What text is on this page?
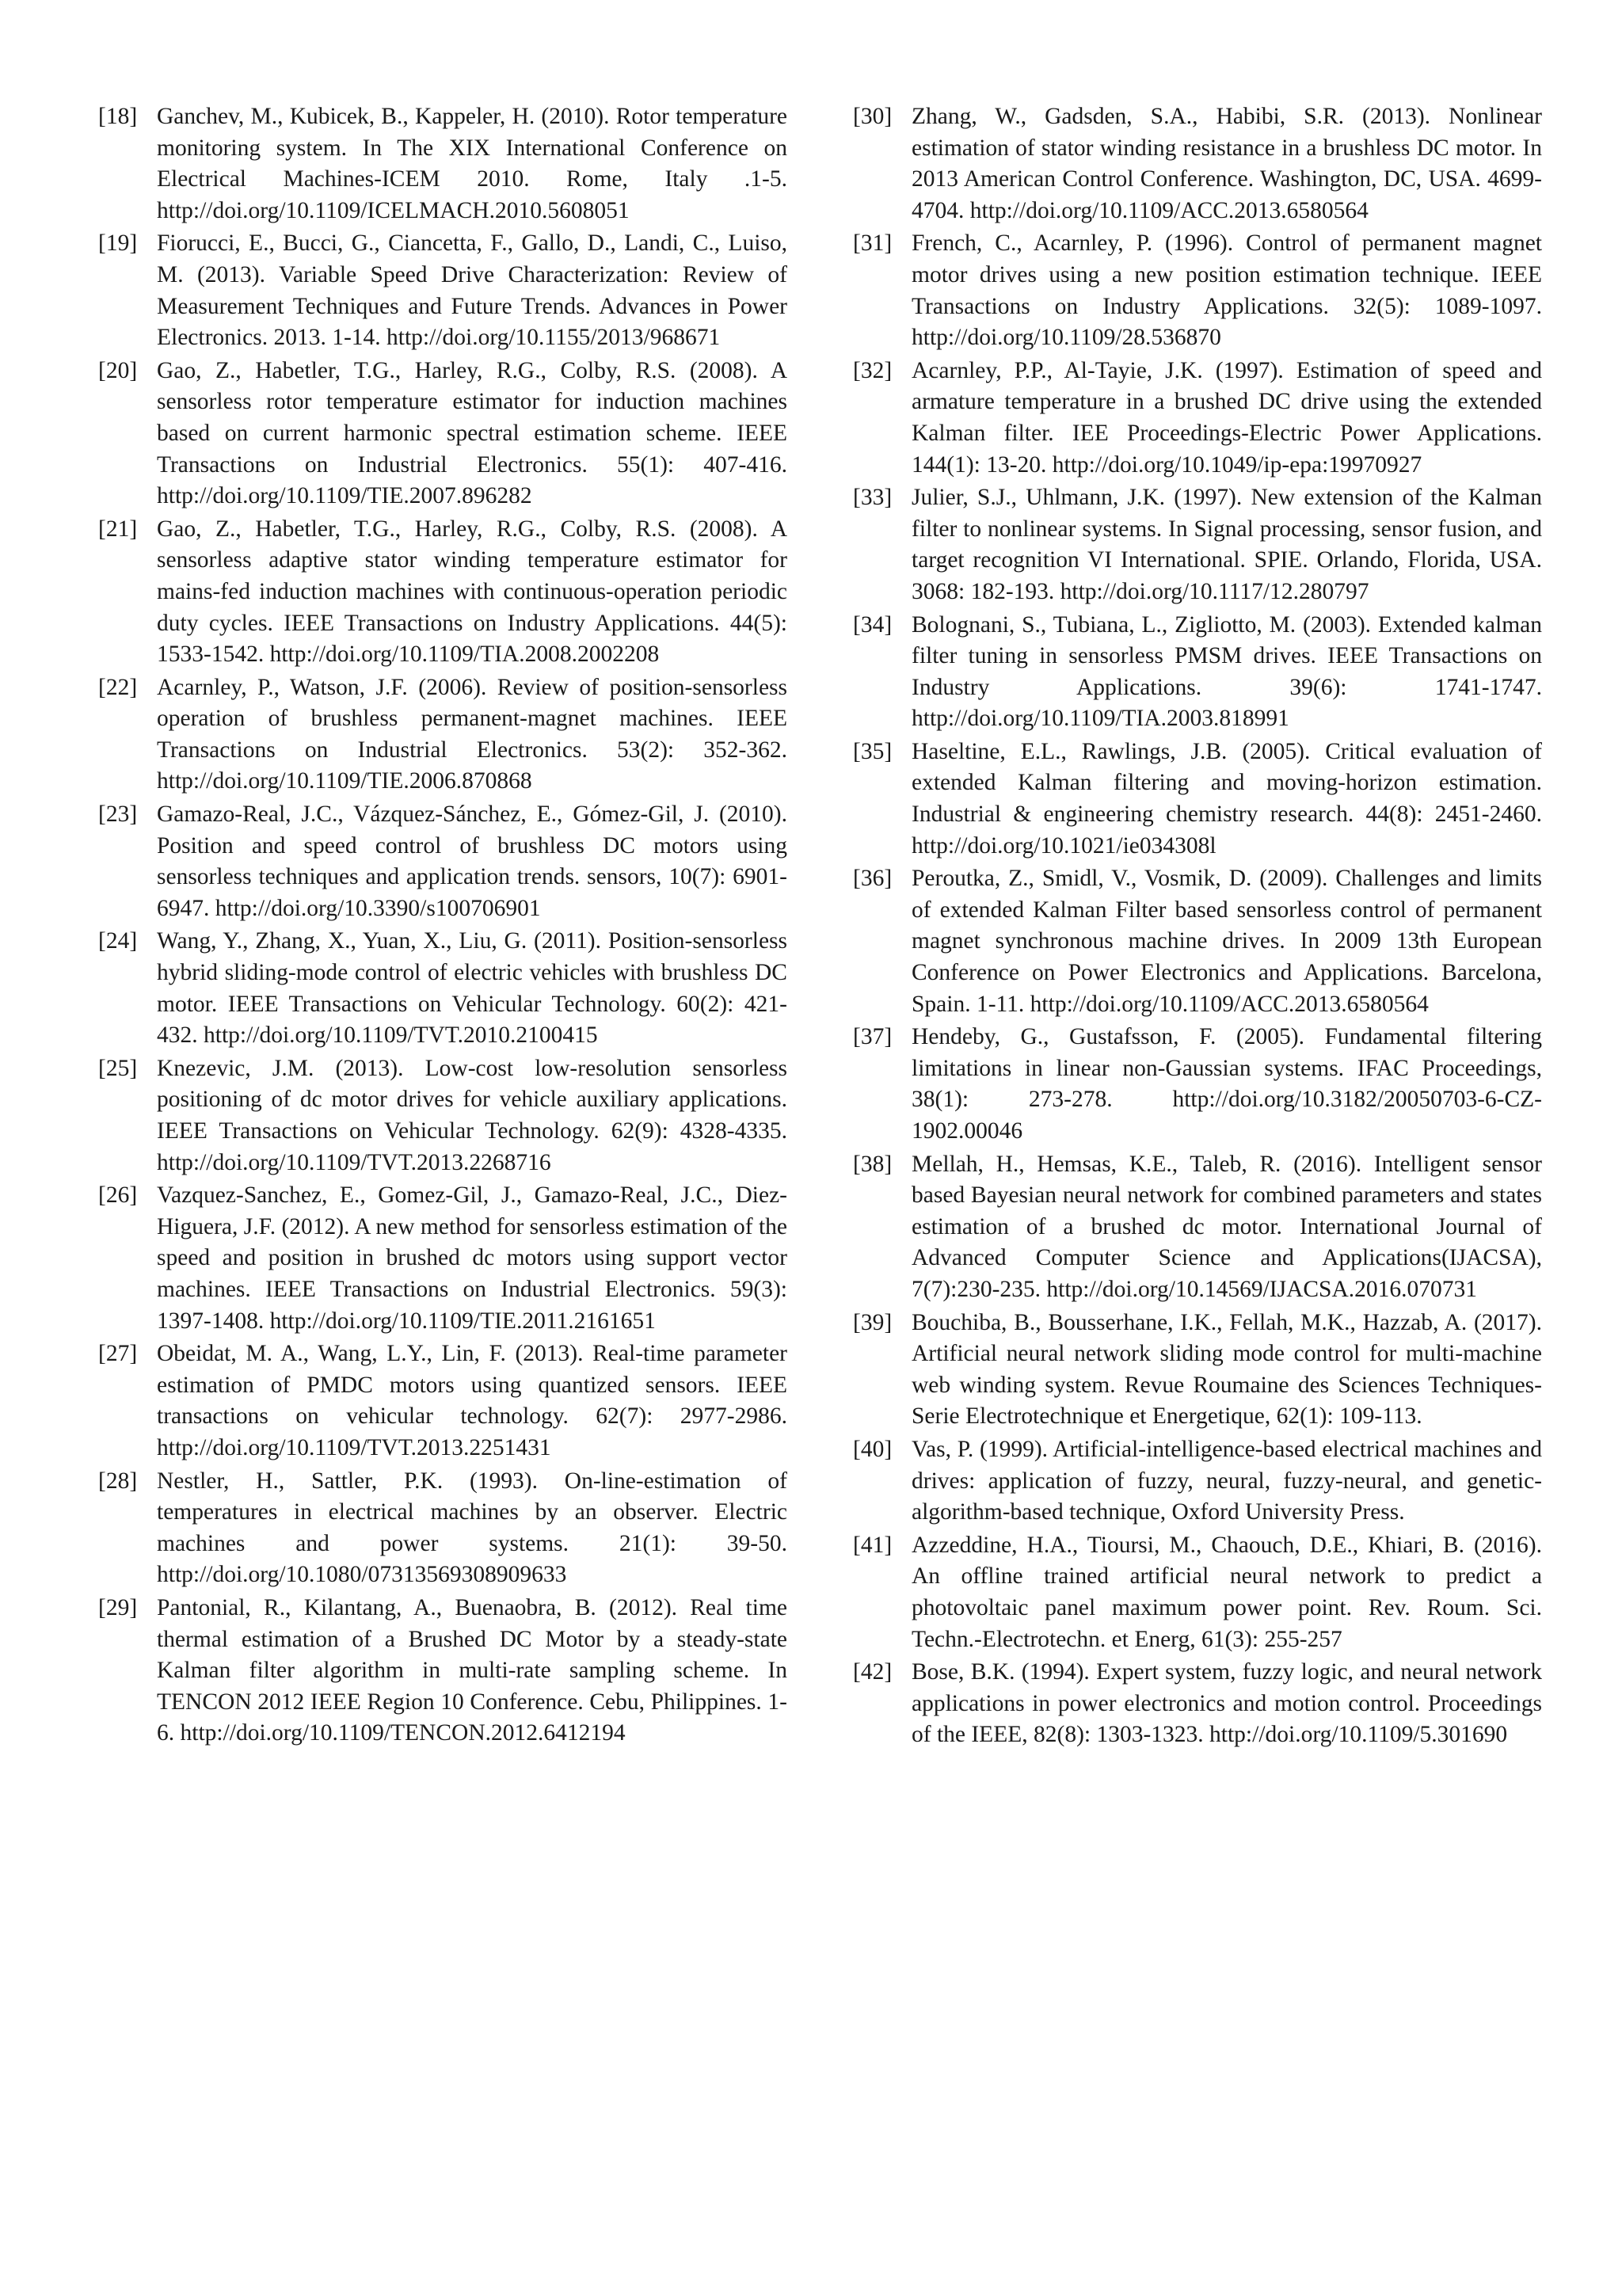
[18] Ganchev, M., Kubicek, B., Kappeler, H. (2010). Rotor temperature monitoring system. In The XIX International Conference on Electrical Machines-ICEM 2010. Rome, Italy .1-5. http://doi.org/10.1109/ICELMACH.2010.5608051
[19] Fiorucci, E., Bucci, G., Ciancetta, F., Gallo, D., Landi, C., Luiso, M. (2013). Variable Speed Drive Characterization: Review of Measurement Techniques and Future Trends. Advances in Power Electronics. 2013. 1-14. http://doi.org/10.1155/2013/968671
[20] Gao, Z., Habetler, T.G., Harley, R.G., Colby, R.S. (2008). A sensorless rotor temperature estimator for induction machines based on current harmonic spectral estimation scheme. IEEE Transactions on Industrial Electronics. 55(1): 407-416. http://doi.org/10.1109/TIE.2007.896282
[21] Gao, Z., Habetler, T.G., Harley, R.G., Colby, R.S. (2008). A sensorless adaptive stator winding temperature estimator for mains-fed induction machines with continuous-operation periodic duty cycles. IEEE Transactions on Industry Applications. 44(5): 1533-1542. http://doi.org/10.1109/TIA.2008.2002208
[22] Acarnley, P., Watson, J.F. (2006). Review of position-sensorless operation of brushless permanent-magnet machines. IEEE Transactions on Industrial Electronics. 53(2): 352-362. http://doi.org/10.1109/TIE.2006.870868
[23] Gamazo-Real, J.C., Vázquez-Sánchez, E., Gómez-Gil, J. (2010). Position and speed control of brushless DC motors using sensorless techniques and application trends. sensors, 10(7): 6901-6947. http://doi.org/10.3390/s100706901
[24] Wang, Y., Zhang, X., Yuan, X., Liu, G. (2011). Position-sensorless hybrid sliding-mode control of electric vehicles with brushless DC motor. IEEE Transactions on Vehicular Technology. 60(2): 421-432. http://doi.org/10.1109/TVT.2010.2100415
[25] Knezevic, J.M. (2013). Low-cost low-resolution sensorless positioning of dc motor drives for vehicle auxiliary applications. IEEE Transactions on Vehicular Technology. 62(9): 4328-4335. http://doi.org/10.1109/TVT.2013.2268716
[26] Vazquez-Sanchez, E., Gomez-Gil, J., Gamazo-Real, J.C., Diez-Higuera, J.F. (2012). A new method for sensorless estimation of the speed and position in brushed dc motors using support vector machines. IEEE Transactions on Industrial Electronics. 59(3): 1397-1408. http://doi.org/10.1109/TIE.2011.2161651
[27] Obeidat, M. A., Wang, L.Y., Lin, F. (2013). Real-time parameter estimation of PMDC motors using quantized sensors. IEEE transactions on vehicular technology. 62(7): 2977-2986. http://doi.org/10.1109/TVT.2013.2251431
[28] Nestler, H., Sattler, P.K. (1993). On-line-estimation of temperatures in electrical machines by an observer. Electric machines and power systems. 21(1): 39-50. http://doi.org/10.1080/07313569308909633
[29] Pantonial, R., Kilantang, A., Buenaobra, B. (2012). Real time thermal estimation of a Brushed DC Motor by a steady-state Kalman filter algorithm in multi-rate sampling scheme. In TENCON 2012 IEEE Region 10 Conference. Cebu, Philippines. 1-6. http://doi.org/10.1109/TENCON.2012.6412194
[30] Zhang, W., Gadsden, S.A., Habibi, S.R. (2013). Nonlinear estimation of stator winding resistance in a brushless DC motor. In 2013 American Control Conference. Washington, DC, USA. 4699-4704. http://doi.org/10.1109/ACC.2013.6580564
[31] French, C., Acarnley, P. (1996). Control of permanent magnet motor drives using a new position estimation technique. IEEE Transactions on Industry Applications. 32(5): 1089-1097. http://doi.org/10.1109/28.536870
[32] Acarnley, P.P., Al-Tayie, J.K. (1997). Estimation of speed and armature temperature in a brushed DC drive using the extended Kalman filter. IEE Proceedings-Electric Power Applications. 144(1): 13-20. http://doi.org/10.1049/ip-epa:19970927
[33] Julier, S.J., Uhlmann, J.K. (1997). New extension of the Kalman filter to nonlinear systems. In Signal processing, sensor fusion, and target recognition VI International. SPIE. Orlando, Florida, USA. 3068: 182-193. http://doi.org/10.1117/12.280797
[34] Bolognani, S., Tubiana, L., Zigliotto, M. (2003). Extended kalman filter tuning in sensorless PMSM drives. IEEE Transactions on Industry Applications. 39(6): 1741-1747. http://doi.org/10.1109/TIA.2003.818991
[35] Haseltine, E.L., Rawlings, J.B. (2005). Critical evaluation of extended Kalman filtering and moving-horizon estimation. Industrial & engineering chemistry research. 44(8): 2451-2460. http://doi.org/10.1021/ie034308l
[36] Peroutka, Z., Smidl, V., Vosmik, D. (2009). Challenges and limits of extended Kalman Filter based sensorless control of permanent magnet synchronous machine drives. In 2009 13th European Conference on Power Electronics and Applications. Barcelona, Spain. 1-11. http://doi.org/10.1109/ACC.2013.6580564
[37] Hendeby, G., Gustafsson, F. (2005). Fundamental filtering limitations in linear non-Gaussian systems. IFAC Proceedings, 38(1): 273-278. http://doi.org/10.3182/20050703-6-CZ-1902.00046
[38] Mellah, H., Hemsas, K.E., Taleb, R. (2016). Intelligent sensor based Bayesian neural network for combined parameters and states estimation of a brushed dc motor. International Journal of Advanced Computer Science and Applications(IJACSA), 7(7):230-235. http://doi.org/10.14569/IJACSA.2016.070731
[39] Bouchiba, B., Bousserhane, I.K., Fellah, M.K., Hazzab, A. (2017). Artificial neural network sliding mode control for multi-machine web winding system. Revue Roumaine des Sciences Techniques-Serie Electrotechnique et Energetique, 62(1): 109-113.
[40] Vas, P. (1999). Artificial-intelligence-based electrical machines and drives: application of fuzzy, neural, fuzzy-neural, and genetic-algorithm-based technique, Oxford University Press.
[41] Azzeddine, H.A., Tioursi, M., Chaouch, D.E., Khiari, B. (2016). An offline trained artificial neural network to predict a photovoltaic panel maximum power point. Rev. Roum. Sci. Techn.-Electrotechn. et Energ, 61(3): 255-257
[42] Bose, B.K. (1994). Expert system, fuzzy logic, and neural network applications in power electronics and motion control. Proceedings of the IEEE, 82(8): 1303-1323. http://doi.org/10.1109/5.301690
